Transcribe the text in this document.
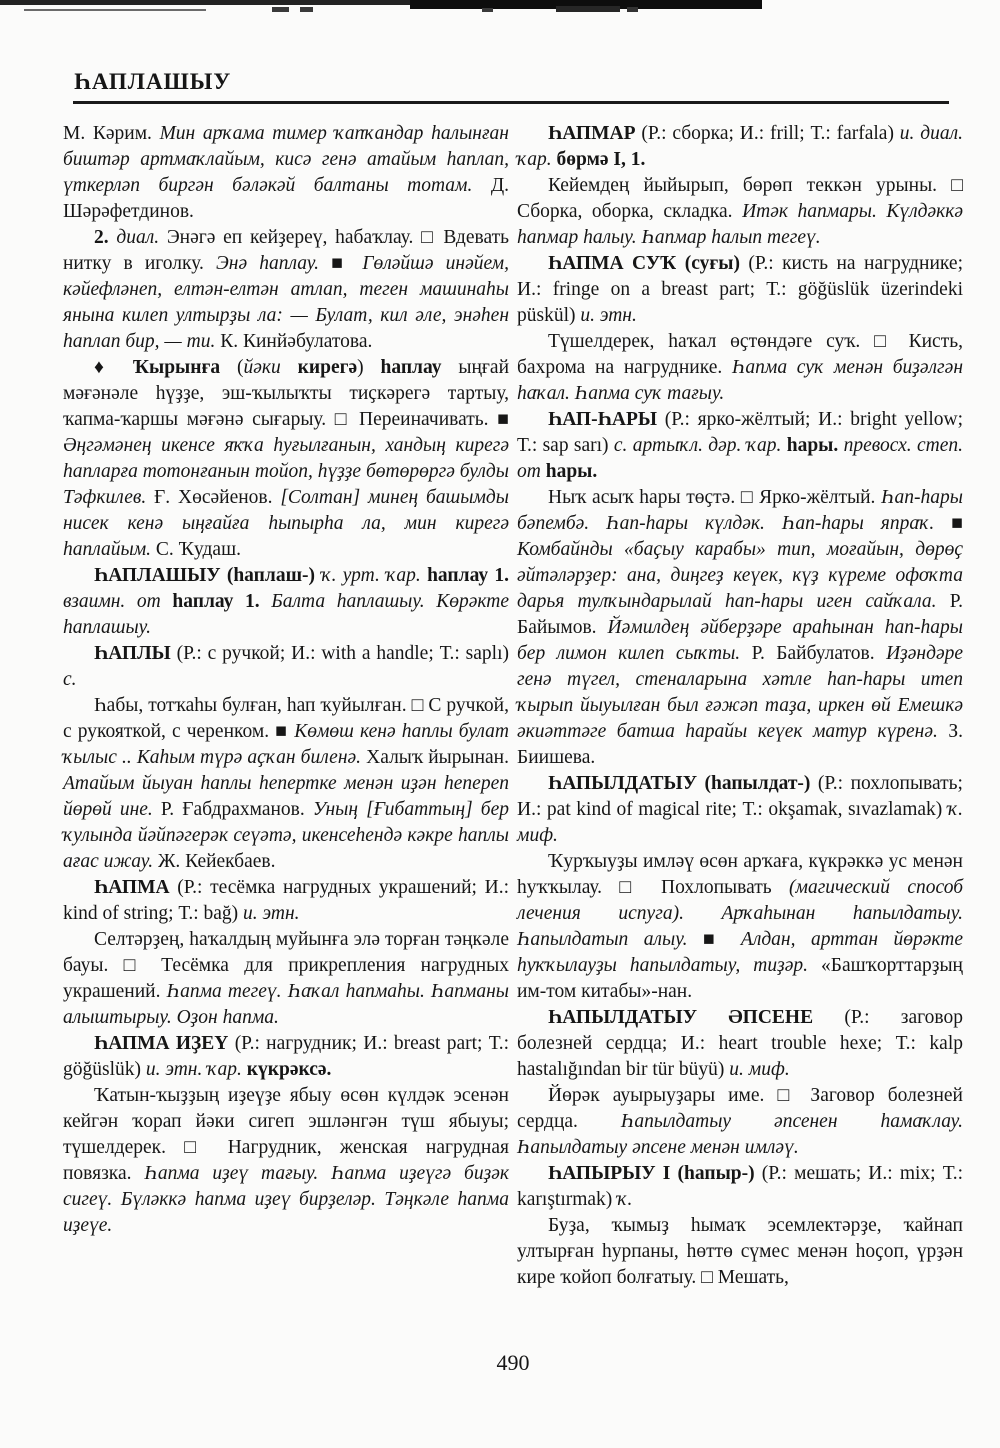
ҺАПЛАШЫУ

М. Кәрим. Мин арҡама тимер ҡапҡандар һалынған биштәр артмаҡлайым, кисә генә атайым һаплап, үткерләп биргән бәләкәй балтаны тотам. Д. Шәрәфетдинов.

2. диал. Энәгә еп кейҙереү, һабаҡлау. □ Вдевать нитку в иголку. Энә һаплау. ■ Гөләйшә инәйем, кәйефләнеп, елтән-елтән атлап, теген машинаһы янына килеп ултырҙы ла: — Булат, кил әле, энәһен һаплап бир, — ти. К. Кинйәбулатова.

♦ Ҡырынға (йәки кирегә) һаплау ыңғай мәғәнәле һүҙҙе, эш-ҡылыҡты тиҫкәрегә тартыу, ҡапма-ҡаршы мәғәнә сығарыу. □ Переиначивать. ■ Әңгәмәнең икенсе яҡҡа һуғылғанын, хандың кирегә һапларға тотонғанын тойоп, һүҙҙе бөтөрөргә булды Тәфкилев. Ғ. Хөсәйенов. [Солтан] минең башымды нисек кенә ыңғайға һыпырһа ла, мин кирегә һаплайым. С. Ҡудаш.

ҺАПЛАШЫУ (һаплаш-) ҡ. урт. ҡар. һаплау 1. взаимн. от һаплау 1. Балта һаплашыу. Көрәкте һаплашыу.

ҺАПЛЫ (Р.: с ручкой; И.: with a handle; Т.: saplı) с.

Һабы, тотҡаһы булған, һап ҡуйылған. □ С ручкой, с рукояткой, с черенком. ■ Көмөш кенә һаплы булат ҡылыс .. Каһым түрә аҫҡан биленә. Халыҡ йырынан. Атайым йыуан һаплы һепертке менән иҙән һепереп йөрөй ине. Р. Ғабдрахманов. Уның [Ғибаттың] бер ҡулында йәйпәгерәк сеүәтә, икенсеһендә кәкре һаплы ағас ижау. Ж. Кейекбаев.

ҺАПМА (Р.: тесёмка нагрудных украшений; И.: kind of string; Т.: bağ) и. этн.

Селтәрҙең, һаҡалдың муйынға элә торған тәңкәле бауы. □ Тесёмка для прикрепления нагрудных украшений. Һапма тегеү. Һаҡал һапмаһы. Һапманы алыштырыу. Оҙон һапма.

ҺАПМА ИҘЕҮ (Р.: нагрудник; И.: breast part; Т.: göğüslük) и. этн. ҡар. күкрәксә.

Ҡатын-ҡыҙҙың иҙеүҙе ябыу өсөн күлдәк эсенән кейгән ҡорап йәки сигеп эшләнгән түш ябыуы; түшелдерек. □ Нагрудник, женская нагрудная повязка. Һапма иҙеү тағыу. Һапма иҙеүгә биҙәк сигеү. Бүләккә һапма иҙеү бирҙеләр. Тәңкәле һапма иҙеүе.

ҺАПМАР (Р.: сборка; И.: frill; Т.: farfala) и. диал. ҡар. бөрмә I, 1.

Кейемдең йыйырып, бөрөп теккән урыны. □ Сборка, оборка, складка. Итәк һапмары. Күлдәккә һапмар һалыу. Һапмар һалып тегеү.

ҺАПМА СУҠ (суғы) (Р.: кисть на нагруднике; И.: fringe on a breast part; Т.: göğüslük üzerindeki püskül) и. этн.

Түшелдерек, һаҡал өҫтөндәге суҡ. □ Кисть, бахрома на нагруднике. Һапма суҡ менән биҙәлгән һаҡал. Һапма суҡ тағыу.

ҺАП-ҺАРЫ (Р.: ярко-жёлтый; И.: bright yellow; Т.: sap sarı) с. артыҡл. дәр. ҡар. һары. превосх. степ. от һары.

Ныҡ асыҡ һары төҫтә. □ Ярко-жёлтый. Һап-һары бәпембә. Һап-һары күлдәк. Һап-һары япраҡ. ■ Комбайнды «баҫыу карабы» тип, моғайын, дөрөҫ әйтәләрҙер: ана, диңгеҙ кеүек, күҙ күреме офоҡта дарья тулҡындарылай һап-һары иген сайҡала. Р. Байымов. Йәмилдең әйберҙәре араһынан һап-һары бер лимон килеп сыҡты. Р. Байбулатов. Иҙәндәре генә түгел, стеналарына хәтле һап-һары итеп ҡырып йыуылған был ғәжәп таҙа, иркен өй Емешкә әкиәттәге батша һарайы кеүек матур күренә. З. Биишева.

ҺАПЫЛДАТЫУ (һапылдат-) (Р.: похлопывать; И.: pat kind of magical rite; Т.: okşamak, sıvazlamak) ҡ. миф.

Ҡурҡыуҙы имләү өсөн арҡаға, күкрәккә ус менән һуҡҡылау. □ Похлопывать (магический способ лечения испуга). Арҡаһынан һапылдатыу. Һапылдатып алыу. ■ Алдан, арттан йөрәкте һуҡҡылауҙы һапылдатыу, тиҙәр. «Башҡорттарҙың им-том китабы»-нан.

ҺАПЫЛДАТЫУ ӘПСЕНЕ (Р.: заговор болезней сердца; И.: heart trouble hexe; Т.: kalp hastalığından bir tür büyü) и. миф.

Йөрәк ауырыуҙары име. □ Заговор болезней сердца. Һапылдатыу әпсенен һамаҡлау. Һапылдатыу әпсене менән имләү.

ҺАПЫРЫУ I (һапыр-) (Р.: мешать; И.: mix; Т.: karıştırmak) ҡ.

Буҙа, ҡымыҙ һымаҡ эсемлектәрҙе, ҡайнап ултырған һурпаны, һөттө сүмес менән һоҫоп, үрҙән кире ҡойоп болғатыу. □ Мешать,

490
